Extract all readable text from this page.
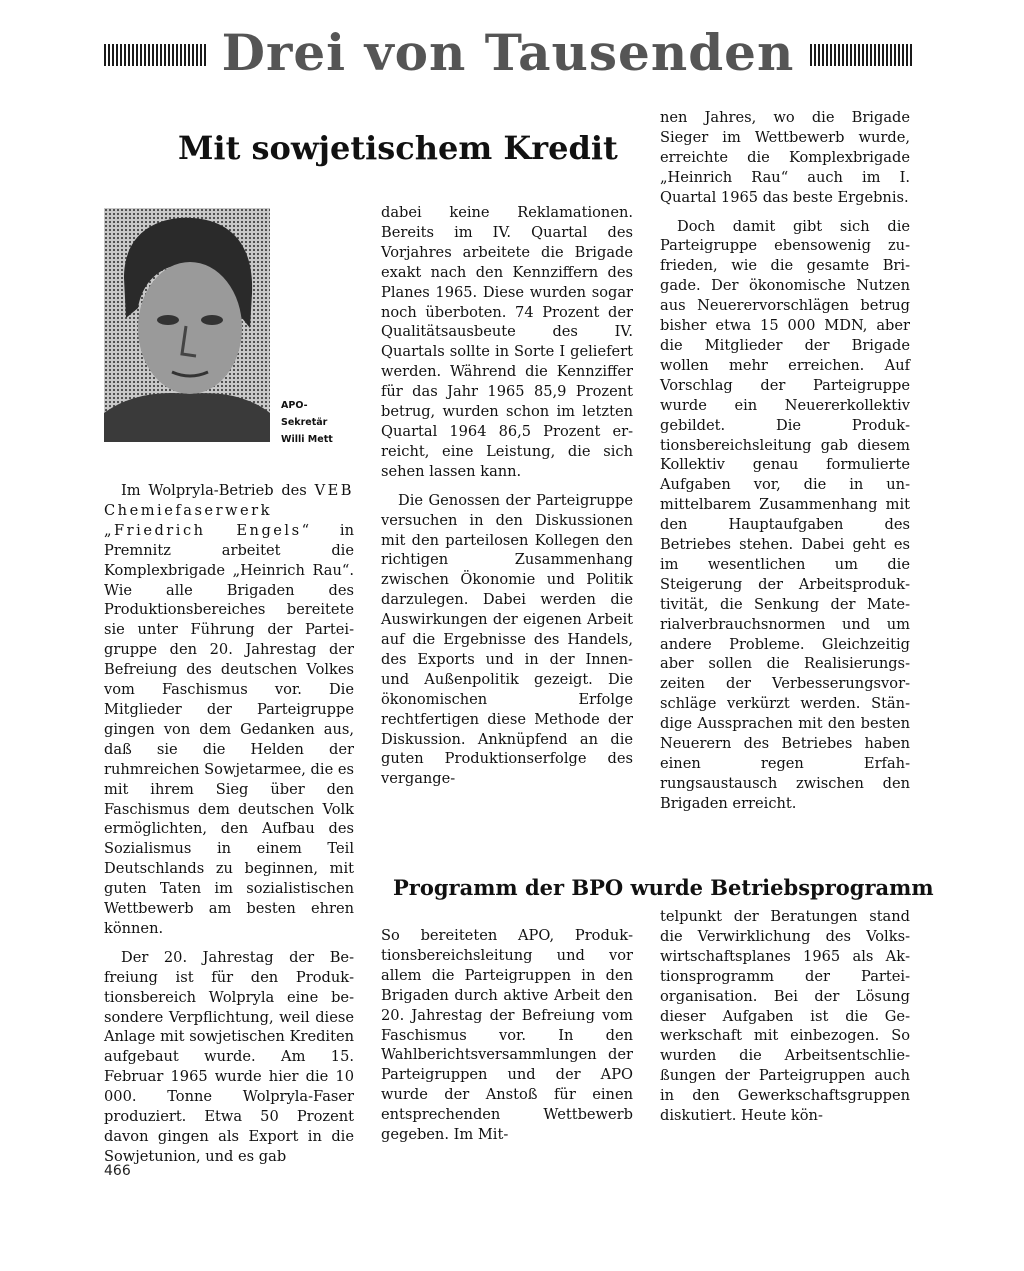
Drei von Tausenden
Mit sowjetischem Kredit
APO-
Sekretär
Willi Mett

Im Wolpryla-Betrieb des VEB Chemiefaserwerk „Friedrich Engels“ in Premnitz arbeitet die Komplexbrigade „Heinrich Rau“. Wie alle Brigaden des Produktionsbereiches bereitete sie unter Führung der Parteigruppe den 20. Jahrestag der Befreiung des deutschen Volkes vom Faschismus vor. Die Mitglieder der Parteigruppe gingen von dem Gedanken aus, daß sie die Helden der ruhmreichen Sowjetarmee, die es mit ihrem Sieg über den Faschismus dem deutschen Volk ermöglichten, den Aufbau des Sozialismus in einem Teil Deutschlands zu beginnen, mit guten Taten im sozialistischen Wettbewerb am besten ehren können.

Der 20. Jahrestag der Befreiung ist für den Produktionsbereich Wolpryla eine besondere Verpflichtung, weil diese Anlage mit sowjetischen Krediten aufgebaut wurde. Am 15. Februar 1965 wurde hier die 10 000. Tonne Wolpryla-Faser produziert. Etwa 50 Prozent davon gingen als Export in die Sowjetunion, und es gab

dabei keine Reklamationen. Bereits im IV. Quartal des Vorjahres arbeitete die Brigade exakt nach den Kennziffern des Planes 1965. Diese wurden sogar noch überboten. 74 Prozent der Qualitätsausbeute des IV. Quartals sollte in Sorte I geliefert werden. Während die Kennziffer für das Jahr 1965 85,9 Prozent betrug, wurden schon im letzten Quartal 1964 86,5 Prozent erreicht, eine Leistung, die sich sehen lassen kann.

Die Genossen der Parteigruppe versuchen in den Diskussionen mit den parteilosen Kollegen den richtigen Zusammenhang zwischen Ökonomie und Politik darzulegen. Dabei werden die Auswirkungen der eigenen Arbeit auf die Ergebnisse des Handels, des Exports und in der Innen- und Außenpolitik gezeigt. Die ökonomischen Erfolge rechtfertigen diese Methode der Diskussion. Anknüpfend an die guten Produktionserfolge des vergange-

nen Jahres, wo die Brigade Sieger im Wettbewerb wurde, erreichte die Komplexbrigade „Heinrich Rau“ auch im I. Quartal 1965 das beste Ergebnis.

Doch damit gibt sich die Parteigruppe ebensowenig zufrieden, wie die gesamte Brigade. Der ökonomische Nutzen aus Neuerervorschlägen betrug bisher etwa 15 000 MDN, aber die Mitglieder der Brigade wollen mehr erreichen. Auf Vorschlag der Parteigruppe wurde ein Neuererkollektiv gebildet. Die Produktionsbereichsleitung gab diesem Kollektiv genau formulierte Aufgaben vor, die in unmittelbarem Zusammenhang mit den Hauptaufgaben des Betriebes stehen. Dabei geht es im wesentlichen um die Steigerung der Arbeitsproduktivität, die Senkung der Materialverbrauchsnormen und um andere Probleme. Gleichzeitig aber sollen die Realisierungszeiten der Verbesserungsvorschläge verkürzt werden. Ständige Aussprachen mit den besten Neuerern des Betriebes haben einen regen Erfahrungsaustausch zwischen den Brigaden erreicht.

Programm der BPO wurde Betriebsprogramm

So bereiteten APO, Produktionsbereichsleitung und vor allem die Parteigruppen in den Brigaden durch aktive Arbeit den 20. Jahrestag der Befreiung vom Faschismus vor. In den Wahlberichtsversammlungen der Parteigruppen und der APO wurde der Anstoß für einen entsprechenden Wettbewerb gegeben. Im Mit-

telpunkt der Beratungen stand die Verwirklichung des Volkswirtschaftsplanes 1965 als Aktionsprogramm der Parteiorganisation. Bei der Lösung dieser Aufgaben ist die Gewerkschaft mit einbezogen. So wurden die Arbeitsentschließungen der Parteigruppen auch in den Gewerkschaftsgruppen diskutiert. Heute kön-

466
